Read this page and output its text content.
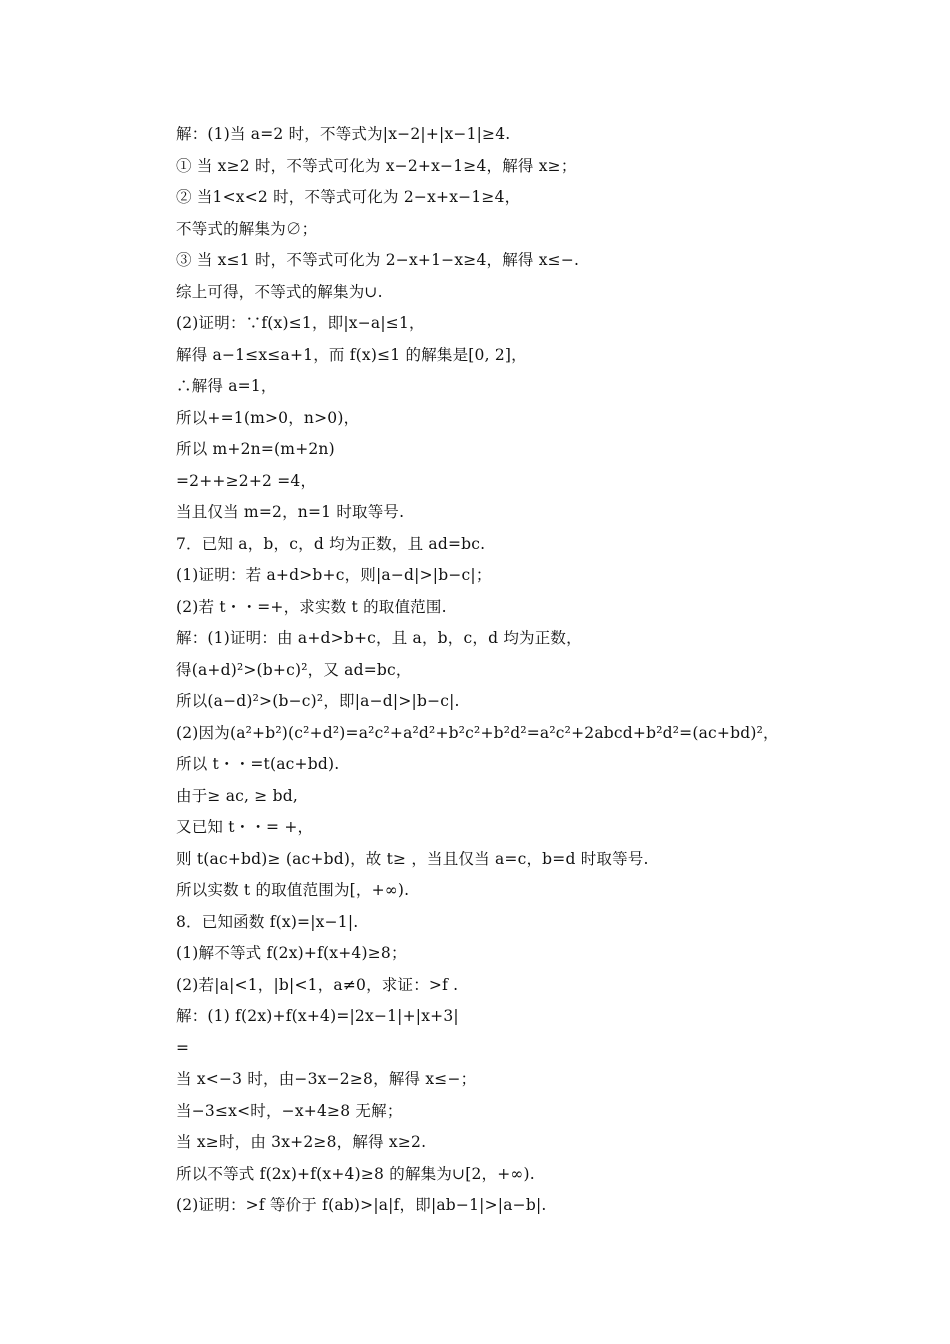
解：(1)当 a=2 时，不等式为|x−2|+|x−1|≥4.
① 当 x≥2 时，不等式可化为 x−2+x−1≥4，解得 x≥；
② 当1<x<2 时，不等式可化为 2−x+x−1≥4，
不等式的解集为∅；
③ 当 x≤1 时，不等式可化为 2−x+1−x≥4，解得 x≤−.
综上可得，不等式的解集为∪.
(2)证明：∵f(x)≤1，即|x−a|≤1，
解得 a−1≤x≤a+1，而 f(x)≤1 的解集是[0, 2]，
∴解得 a=1，
所以+=1(m>0，n>0)，
所以 m+2n=(m+2n)
=2++≥2+2 =4，
当且仅当 m=2，n=1 时取等号.
7．已知 a，b，c，d 均为正数，且 ad=bc.
(1)证明：若 a+d>b+c，则|a−d|>|b−c|；
(2)若 t・・=+，求实数 t 的取值范围.
解：(1)证明：由 a+d>b+c，且 a，b，c，d 均为正数，
得(a+d)²>(b+c)²，又 ad=bc，
所以(a−d)²>(b−c)²，即|a−d|>|b−c|.
(2)因为(a²+b²)(c²+d²)=a²c²+a²d²+b²c²+b²d²=a²c²+2abcd+b²d²=(ac+bd)²，
所以 t・・=t(ac+bd).
由于≥ ac, ≥ bd,
又已知 t・・= +，
则 t(ac+bd)≥ (ac+bd)，故 t≥ ，当且仅当 a=c，b=d 时取等号.
所以实数 t 的取值范围为[，+∞).
8．已知函数 f(x)=|x−1|.
(1)解不等式 f(2x)+f(x+4)≥8；
(2)若|a|<1，|b|<1，a≠0，求证：>f .
解：(1) f(2x)+f(x+4)=|2x−1|+|x+3|
=
当 x<−3 时，由−3x−2≥8，解得 x≤−；
当−3≤x<时，−x+4≥8 无解；
当 x≥时，由 3x+2≥8，解得 x≥2.
所以不等式 f(2x)+f(x+4)≥8 的解集为∪[2，+∞).
(2)证明：>f 等价于 f(ab)>|a|f，即|ab−1|>|a−b|.
